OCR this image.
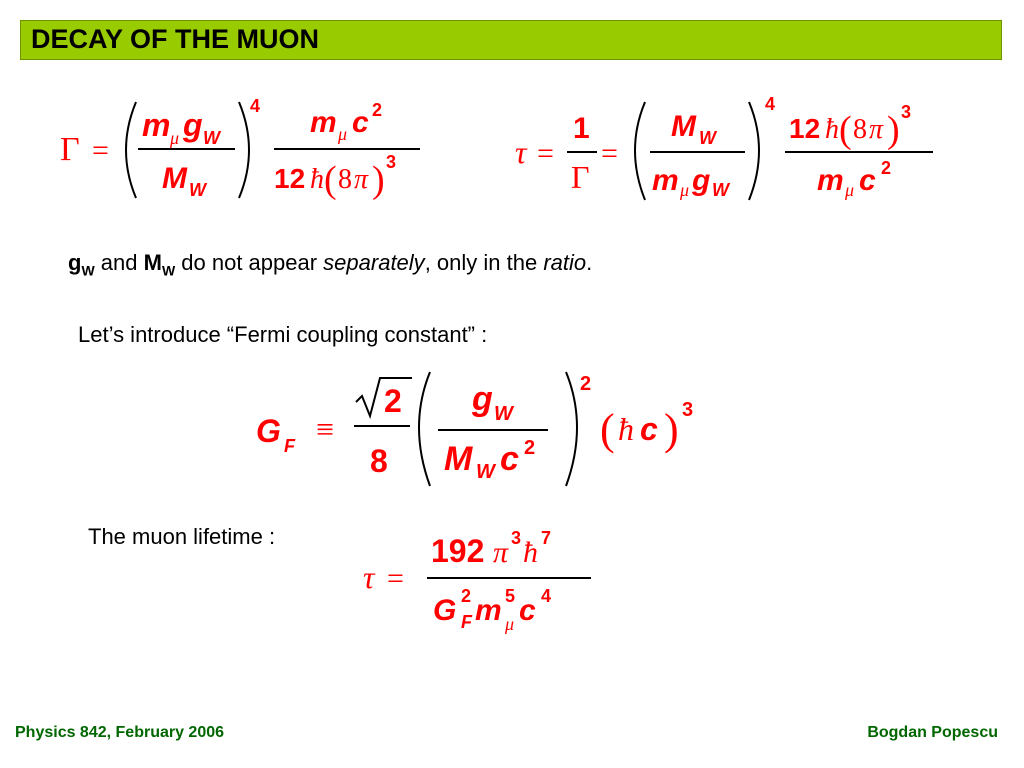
DECAY OF THE MUON
Γ =
m μ g W
M W
4 m μ c 2
12 ħ ( 8 π ) 3	τ =
1
Γ
=
M W
m μ g W
4
12 ħ ( 8 π ) 3
m μ c 2
$g_W$ and $M_W$ do not appear separately, only in the ratio.
Let’s introduce “Fermi coupling constant” :
G F ≡
2
8
g W
M W c 2
2
( ħ c ) 3
The muon lifetime :
τ =
192 π 3 ħ 7
G 2
F m 5
μ c 4
Physics 842, February 2006	Bogdan Popescu
